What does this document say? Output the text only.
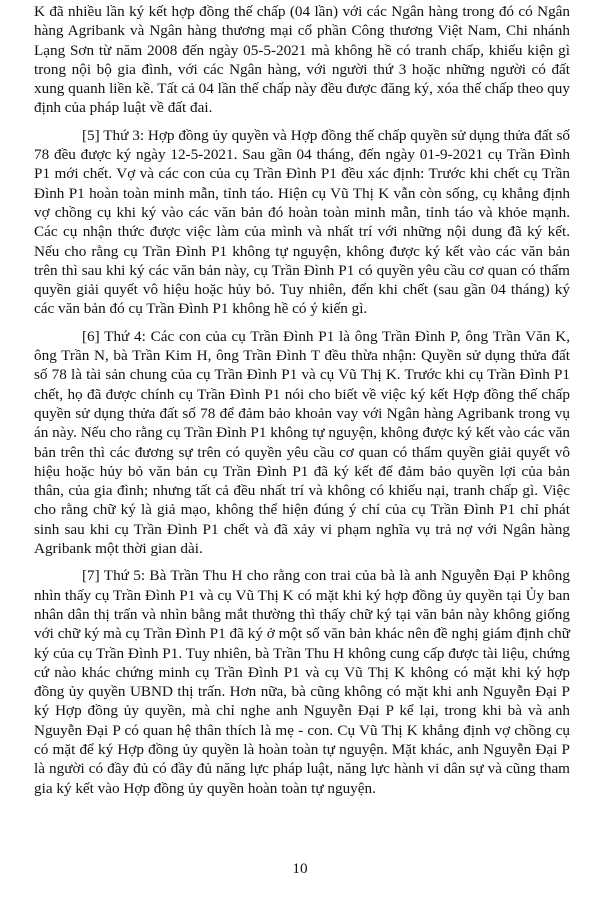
K đã nhiều lần ký kết hợp đồng thế chấp (04 lần) với các Ngân hàng trong đó có Ngân hàng Agribank và Ngân hàng thương mại cổ phần Công thương Việt Nam, Chi nhánh Lạng Sơn từ năm 2008 đến ngày 05-5-2021 mà không hề có tranh chấp, khiếu kiện gì trong nội bộ gia đình, với các Ngân hàng, với người thứ 3 hoặc những người có đất xung quanh liền kề. Tất cả 04 lần thế chấp này đều được đăng ký, xóa thế chấp theo quy định của pháp luật về đất đai.

[5] Thứ 3: Hợp đồng ủy quyền và Hợp đồng thế chấp quyền sử dụng thửa đất số 78 đều được ký ngày 12-5-2021. Sau gần 04 tháng, đến ngày 01-9-2021 cụ Trần Đình P1 mới chết. Vợ và các con của cụ Trần Đình P1 đều xác định: Trước khi chết cụ Trần Đình P1 hoàn toàn minh mẫn, tỉnh táo. Hiện cụ Vũ Thị K vẫn còn sống, cụ khẳng định vợ chồng cụ khi ký vào các văn bản đó hoàn toàn minh mẫn, tỉnh táo và khỏe mạnh. Các cụ nhận thức được việc làm của mình và nhất trí với những nội dung đã ký kết. Nếu cho rằng cụ Trần Đình P1 không tự nguyện, không được ký kết vào các văn bản trên thì sau khi ký các văn bản này, cụ Trần Đình P1 có quyền yêu cầu cơ quan có thẩm quyền giải quyết vô hiệu hoặc hủy bỏ. Tuy nhiên, đến khi chết (sau gần 04 tháng) ký các văn bản đó cụ Trần Đình P1 không hề có ý kiến gì.

[6] Thứ 4: Các con của cụ Trần Đình P1 là ông Trần Đình P, ông Trần Văn K, ông Trần N, bà Trần Kim H, ông Trần Đình T đều thừa nhận: Quyền sử dụng thửa đất số 78 là tài sản chung của cụ Trần Đình P1 và cụ Vũ Thị K. Trước khi cụ Trần Đình P1 chết, họ đã được chính cụ Trần Đình P1 nói cho biết về việc ký kết Hợp đồng thế chấp quyền sử dụng thửa đất số 78 để đảm bảo khoản vay với Ngân hàng Agribank trong vụ án này. Nếu cho rằng cụ Trần Đình P1 không tự nguyện, không được ký kết vào các văn bản trên thì các đương sự trên có quyền yêu cầu cơ quan có thẩm quyền giải quyết vô hiệu hoặc hủy bỏ văn bản cụ Trần Đình P1 đã ký kết để đảm bảo quyền lợi của bản thân, của gia đình; nhưng tất cả đều nhất trí và không có khiếu nại, tranh chấp gì. Việc cho rằng chữ ký là giả mạo, không thể hiện đúng ý chí của cụ Trần Đình P1 chỉ phát sinh sau khi cụ Trần Đình P1 chết và đã xảy vi phạm nghĩa vụ trả nợ với Ngân hàng Agribank một thời gian dài.

[7] Thứ 5: Bà Trần Thu H cho rằng con trai của bà là anh Nguyễn Đại P không nhìn thấy cụ Trần Đình P1 và cụ Vũ Thị K có mặt khi ký hợp đồng ủy quyền tại Ủy ban nhân dân thị trấn và nhìn bằng mắt thường thì thấy chữ ký tại văn bản này không giống với chữ ký mà cụ Trần Đình P1 đã ký ở một số văn bản khác nên đề nghị giám định chữ ký của cụ Trần Đình P1. Tuy nhiên, bà Trần Thu H không cung cấp được tài liệu, chứng cứ nào khác chứng minh cụ Trần Đình P1 và cụ Vũ Thị K không có mặt khi ký hợp đồng ủy quyền UBND thị trấn. Hơn nữa, bà cũng không có mặt khi anh Nguyễn Đại P ký Hợp đồng ủy quyền, mà chỉ nghe anh Nguyễn Đại P kể lại, trong khi bà và anh Nguyễn Đại P có quan hệ thân thích là mẹ - con. Cụ Vũ Thị K khẳng định vợ chồng cụ có mặt để ký Hợp đồng ủy quyền là hoàn toàn tự nguyện. Mặt khác, anh Nguyễn Đại P là người có đầy đủ có đầy đủ năng lực pháp luật, năng lực hành vi dân sự và cũng tham gia ký kết vào Hợp đồng ủy quyền hoàn toàn tự nguyện.

10
